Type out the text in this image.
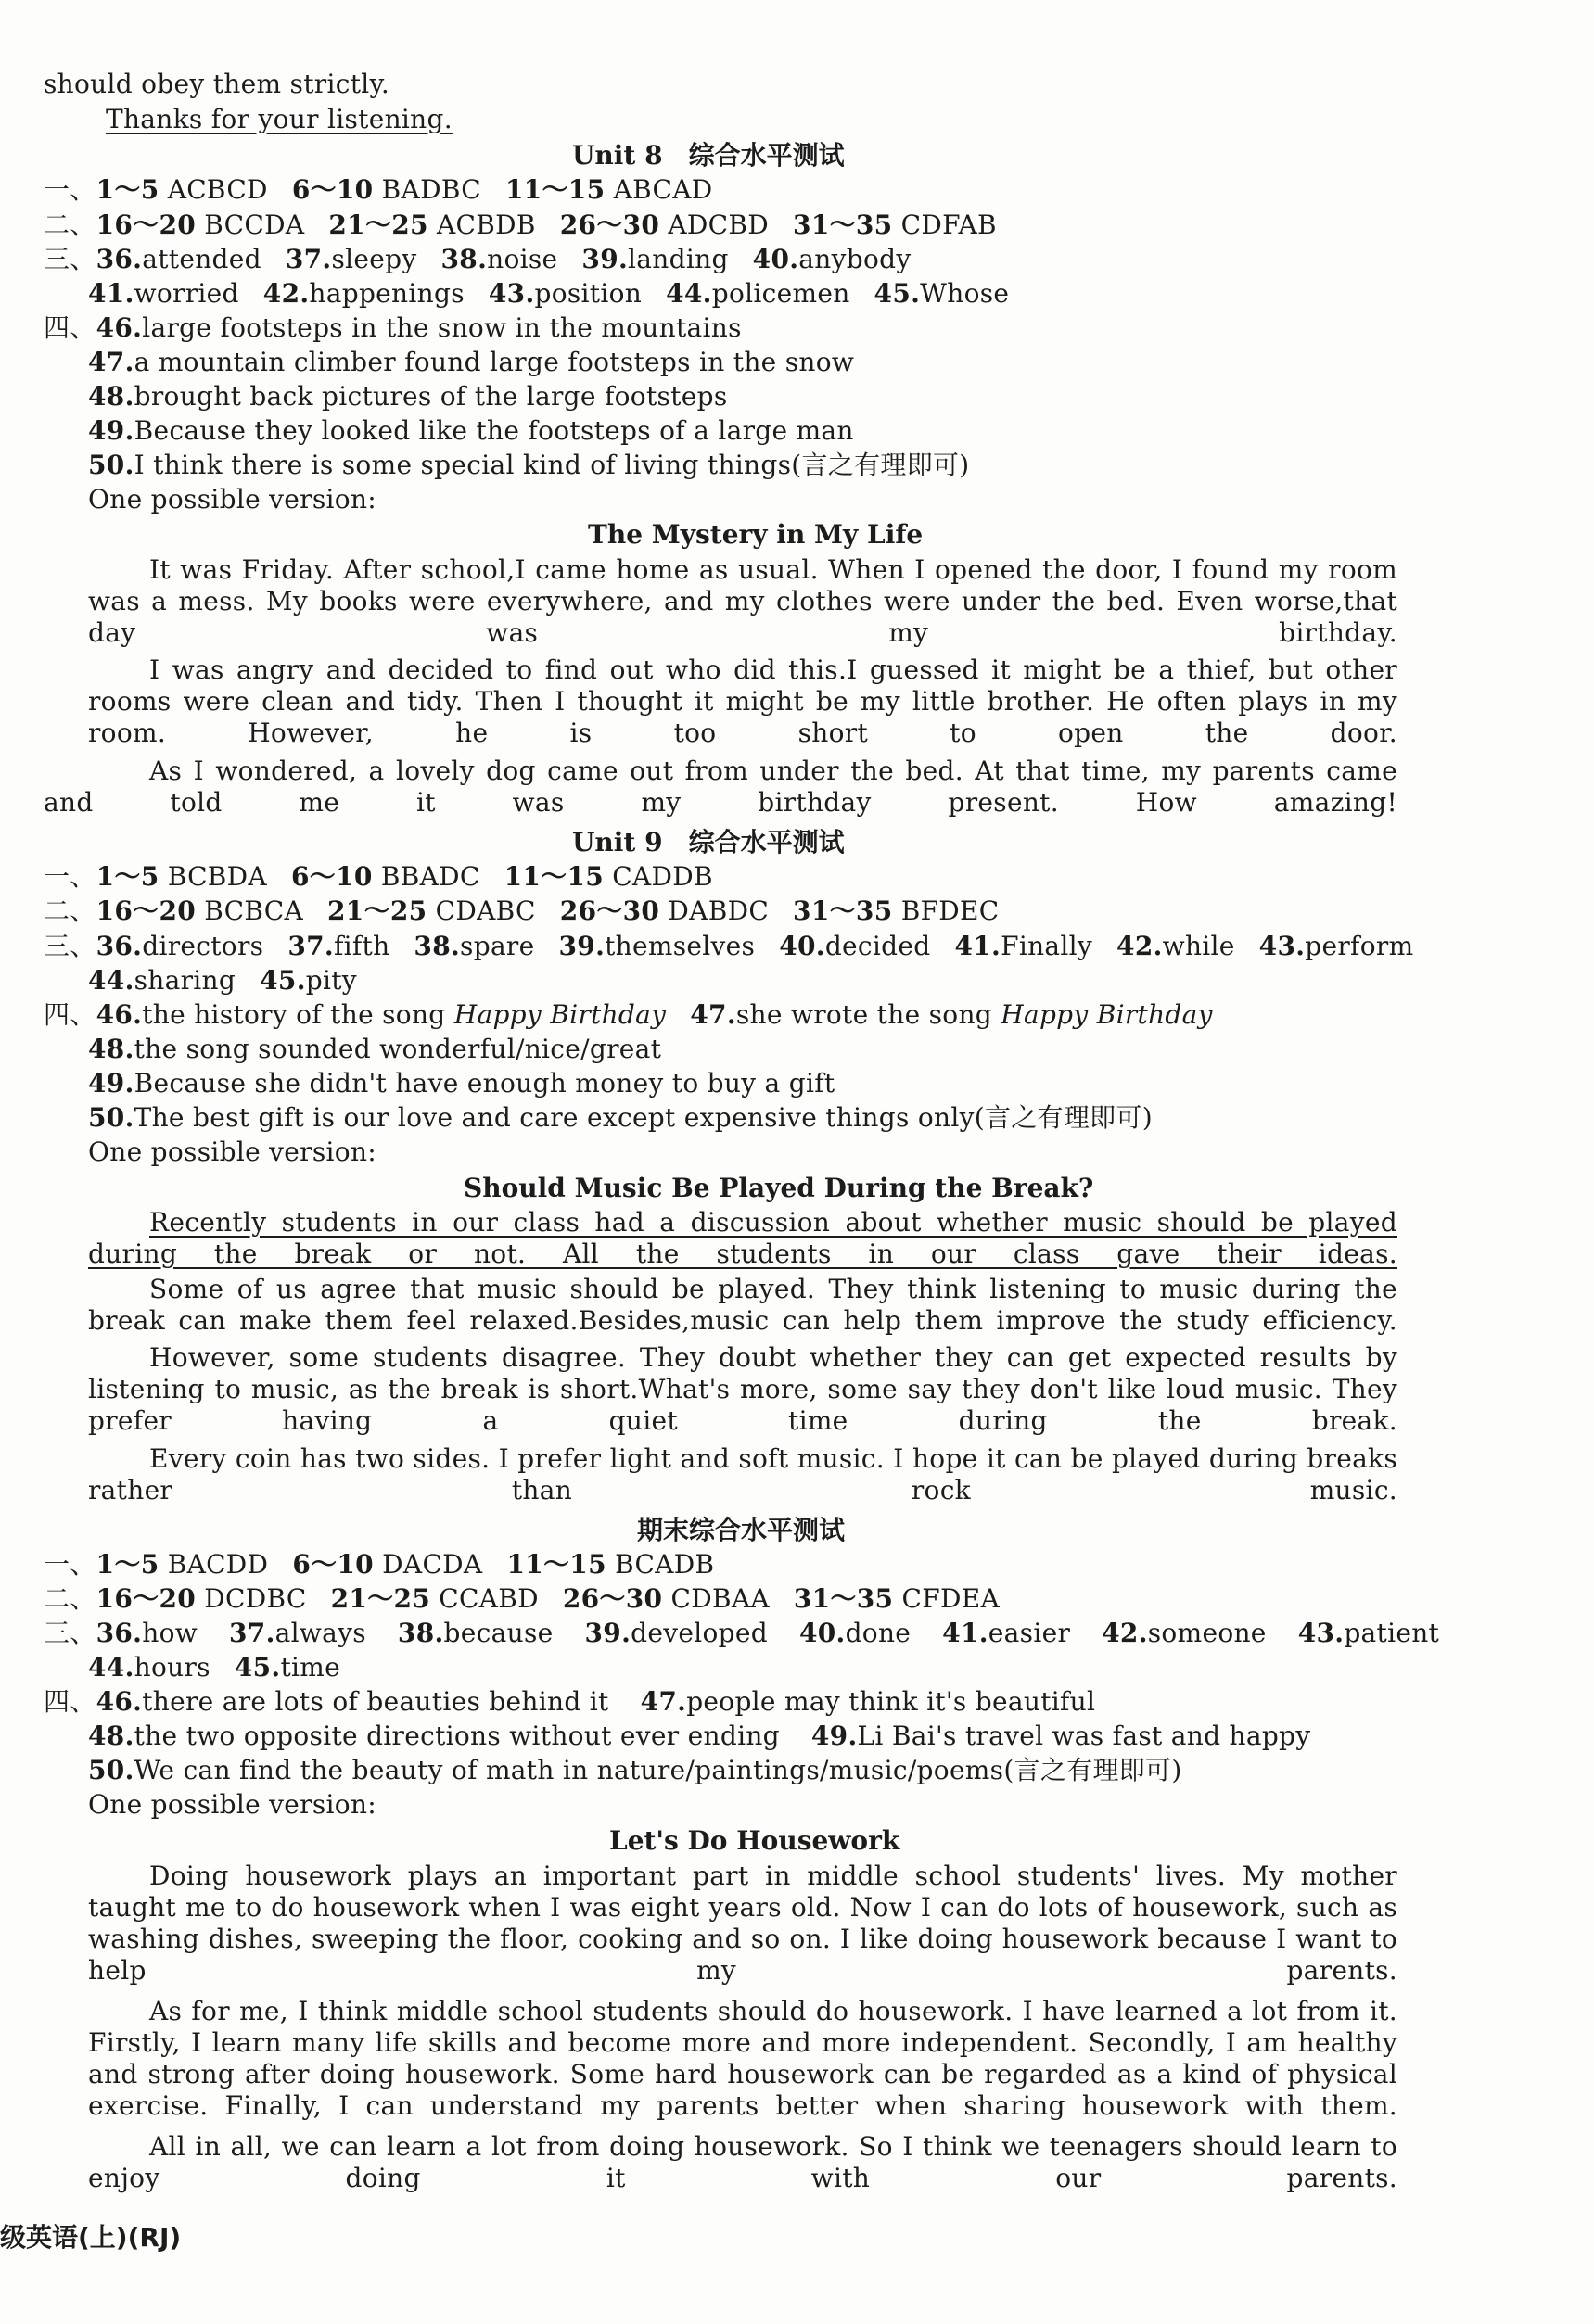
should obey them strictly.
Thanks for your listening.
Unit 8　综合水平测试
一、1～5 ACBCD 6～10 BADBC 11～15 ABCAD
二、16～20 BCCDA 21～25 ACBDB 26～30 ADCBD 31～35 CDFAB
三、36.attended 37.sleepy 38.noise 39.landing 40.anybody
41.worried 42.happenings 43.position 44.policemen 45.Whose
四、46.large footsteps in the snow in the mountains
47.a mountain climber found large footsteps in the snow
48.brought back pictures of the large footsteps
49.Because they looked like the footsteps of a large man
50.I think there is some special kind of living things(言之有理即可)
One possible version:
The Mystery in My Life
It was Friday. After school,I came home as usual. When I opened the door, I found my room was a mess. My books were everywhere, and my clothes were under the bed. Even worse,that day was my birthday.
I was angry and decided to find out who did this.I guessed it might be a thief, but other rooms were clean and tidy. Then I thought it might be my little brother. He often plays in my room. However, he is too short to open the door.
As I wondered, a lovely dog came out from under the bed. At that time, my parents came and told me it was my birthday present. How amazing!
Unit 9　综合水平测试
一、1～5 BCBDA 6～10 BBADC 11～15 CADDB
二、16～20 BCBCA 21～25 CDABC 26～30 DABDC 31～35 BFDEC
三、36.directors 37.fifth 38.spare 39.themselves 40.decided 41.Finally 42.while 43.perform
44.sharing 45.pity
四、46.the history of the song Happy Birthday 47.she wrote the song Happy Birthday
48.the song sounded wonderful/nice/great
49.Because she didn't have enough money to buy a gift
50.The best gift is our love and care except expensive things only(言之有理即可)
One possible version:
Should Music Be Played During the Break?
Recently students in our class had a discussion about whether music should be played during the break or not. All the students in our class gave their ideas.
Some of us agree that music should be played. They think listening to music during the break can make them feel relaxed.Besides,music can help them improve the study efficiency.
However, some students disagree. They doubt whether they can get expected results by listening to music, as the break is short.What's more, some say they don't like loud music. They prefer having a quiet time during the break.
Every coin has two sides. I prefer light and soft music. I hope it can be played during breaks rather than rock music.
期末综合水平测试
一、1～5 BACDD 6～10 DACDA 11～15 BCADB
二、16～20 DCDBC 21～25 CCABD 26～30 CDBAA 31～35 CFDEA
三、36.how 37.always 38.because 39.developed 40.done 41.easier 42.someone 43.patient
44.hours 45.time
四、46.there are lots of beauties behind it 47.people may think it's beautiful
48.the two opposite directions without ever ending 49.Li Bai's travel was fast and happy
50.We can find the beauty of math in nature/paintings/music/poems(言之有理即可)
One possible version:
Let's Do Housework
Doing housework plays an important part in middle school students' lives. My mother taught me to do housework when I was eight years old. Now I can do lots of housework, such as washing dishes, sweeping the floor, cooking and so on. I like doing housework because I want to help my parents.
As for me, I think middle school students should do housework. I have learned a lot from it. Firstly, I learn many life skills and become more and more independent. Secondly, I am healthy and strong after doing housework. Some hard housework can be regarded as a kind of physical exercise. Finally, I can understand my parents better when sharing housework with them.
All in all, we can learn a lot from doing housework. So I think we teenagers should learn to enjoy doing it with our parents.
级英语(上)(RJ)
